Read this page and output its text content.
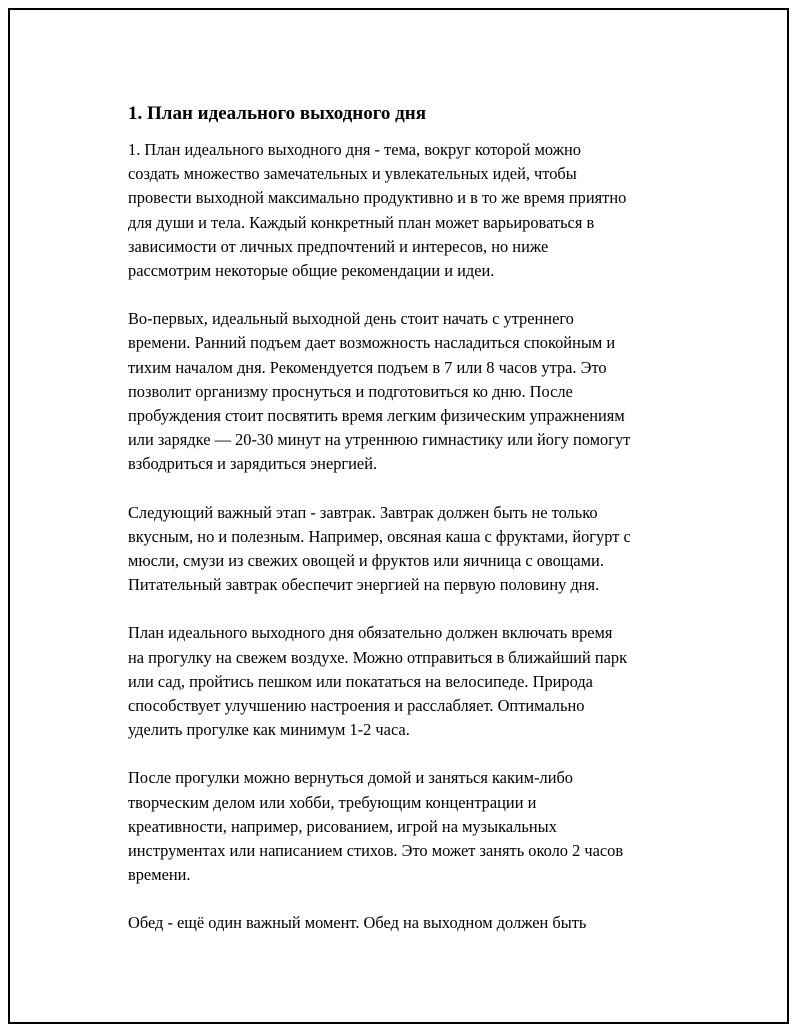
1. План идеального выходного дня
1. План идеального выходного дня - тема, вокруг которой можно
создать множество замечательных и увлекательных идей, чтобы
провести выходной максимально продуктивно и в то же время приятно
для души и тела. Каждый конкретный план может варьироваться в
зависимости от личных предпочтений и интересов, но ниже
рассмотрим некоторые общие рекомендации и идеи.
Во-первых, идеальный выходной день стоит начать с утреннего
времени. Ранний подъем дает возможность насладиться спокойным и
тихим началом дня. Рекомендуется подъем в 7 или 8 часов утра. Это
позволит организму проснуться и подготовиться ко дню. После
пробуждения стоит посвятить время легким физическим упражнениям
или зарядке — 20-30 минут на утреннюю гимнастику или йогу помогут
взбодриться и зарядиться энергией.
Следующий важный этап - завтрак. Завтрак должен быть не только
вкусным, но и полезным. Например, овсяная каша с фруктами, йогурт с
мюсли, смузи из свежих овощей и фруктов или яичница с овощами.
Питательный завтрак обеспечит энергией на первую половину дня.
План идеального выходного дня обязательно должен включать время
на прогулку на свежем воздухе. Можно отправиться в ближайший парк
или сад, пройтись пешком или покататься на велосипеде. Природа
способствует улучшению настроения и расслабляет. Оптимально
уделить прогулке как минимум 1-2 часа.
После прогулки можно вернуться домой и заняться каким-либо
творческим делом или хобби, требующим концентрации и
креативности, например, рисованием, игрой на музыкальных
инструментах или написанием стихов. Это может занять около 2 часов
времени.
Обед - ещё один важный момент. Обед на выходном должен быть
